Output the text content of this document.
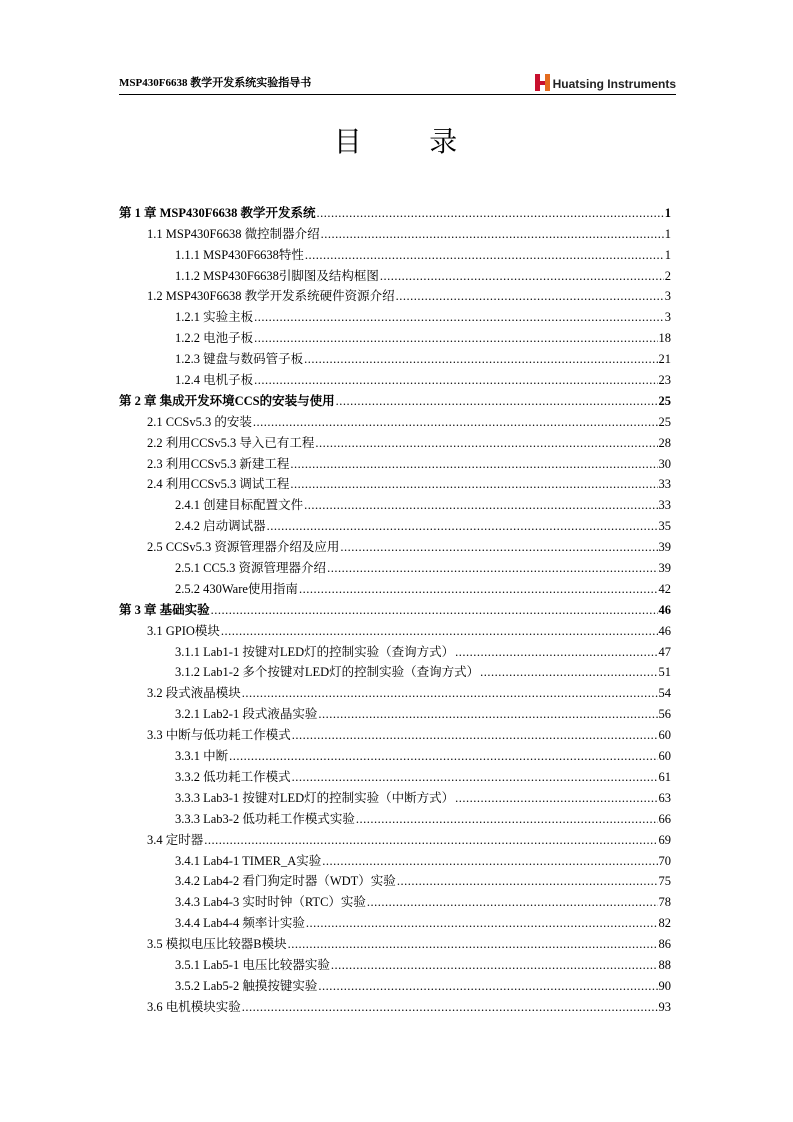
MSP430F6638 教学开发系统实验指导书	Huatsing Instruments
目      录
第 1 章 MSP430F6638 教学开发系统 .....	1
1.1 MSP430F6638 微控制器介绍 .....	1
1.1.1 MSP430F6638特性 .....	1
1.1.2 MSP430F6638引脚图及结构框图 .....	2
1.2 MSP430F6638 教学开发系统硬件资源介绍 .....	3
1.2.1 实验主板 .....	3
1.2.2 电池子板 .....	18
1.2.3 键盘与数码管子板 .....	21
1.2.4 电机子板 .....	23
第 2 章 集成开发环境CCS的安装与使用 .....	25
2.1 CCSv5.3 的安装 .....	25
2.2 利用CCSv5.3 导入已有工程 .....	28
2.3 利用CCSv5.3 新建工程 .....	30
2.4 利用CCSv5.3 调试工程 .....	33
2.4.1 创建目标配置文件 .....	33
2.4.2 启动调试器 .....	35
2.5 CCSv5.3 资源管理器介绍及应用 .....	39
2.5.1 CC5.3 资源管理器介绍 .....	39
2.5.2 430Ware使用指南 .....	42
第 3 章 基础实验 .....	46
3.1 GPIO模块 .....	46
3.1.1 Lab1-1 按键对LED灯的控制实验（查询方式） .....	47
3.1.2 Lab1-2 多个按键对LED灯的控制实验（查询方式） .....	51
3.2 段式液晶模块 .....	54
3.2.1 Lab2-1 段式液晶实验 .....	56
3.3 中断与低功耗工作模式 .....	60
3.3.1 中断 .....	60
3.3.2 低功耗工作模式 .....	61
3.3.3 Lab3-1 按键对LED灯的控制实验（中断方式） .....	63
3.3.3 Lab3-2 低功耗工作模式实验 .....	66
3.4 定时器 .....	69
3.4.1 Lab4-1 TIMER_A实验 .....	70
3.4.2 Lab4-2 看门狗定时器（WDT）实验 .....	75
3.4.3 Lab4-3 实时时钟（RTC）实验 .....	78
3.4.4 Lab4-4 频率计实验 .....	82
3.5 模拟电压比较器B模块 .....	86
3.5.1 Lab5-1 电压比较器实验 .....	88
3.5.2 Lab5-2 触摸按键实验 .....	90
3.6 电机模块实验 .....	93
